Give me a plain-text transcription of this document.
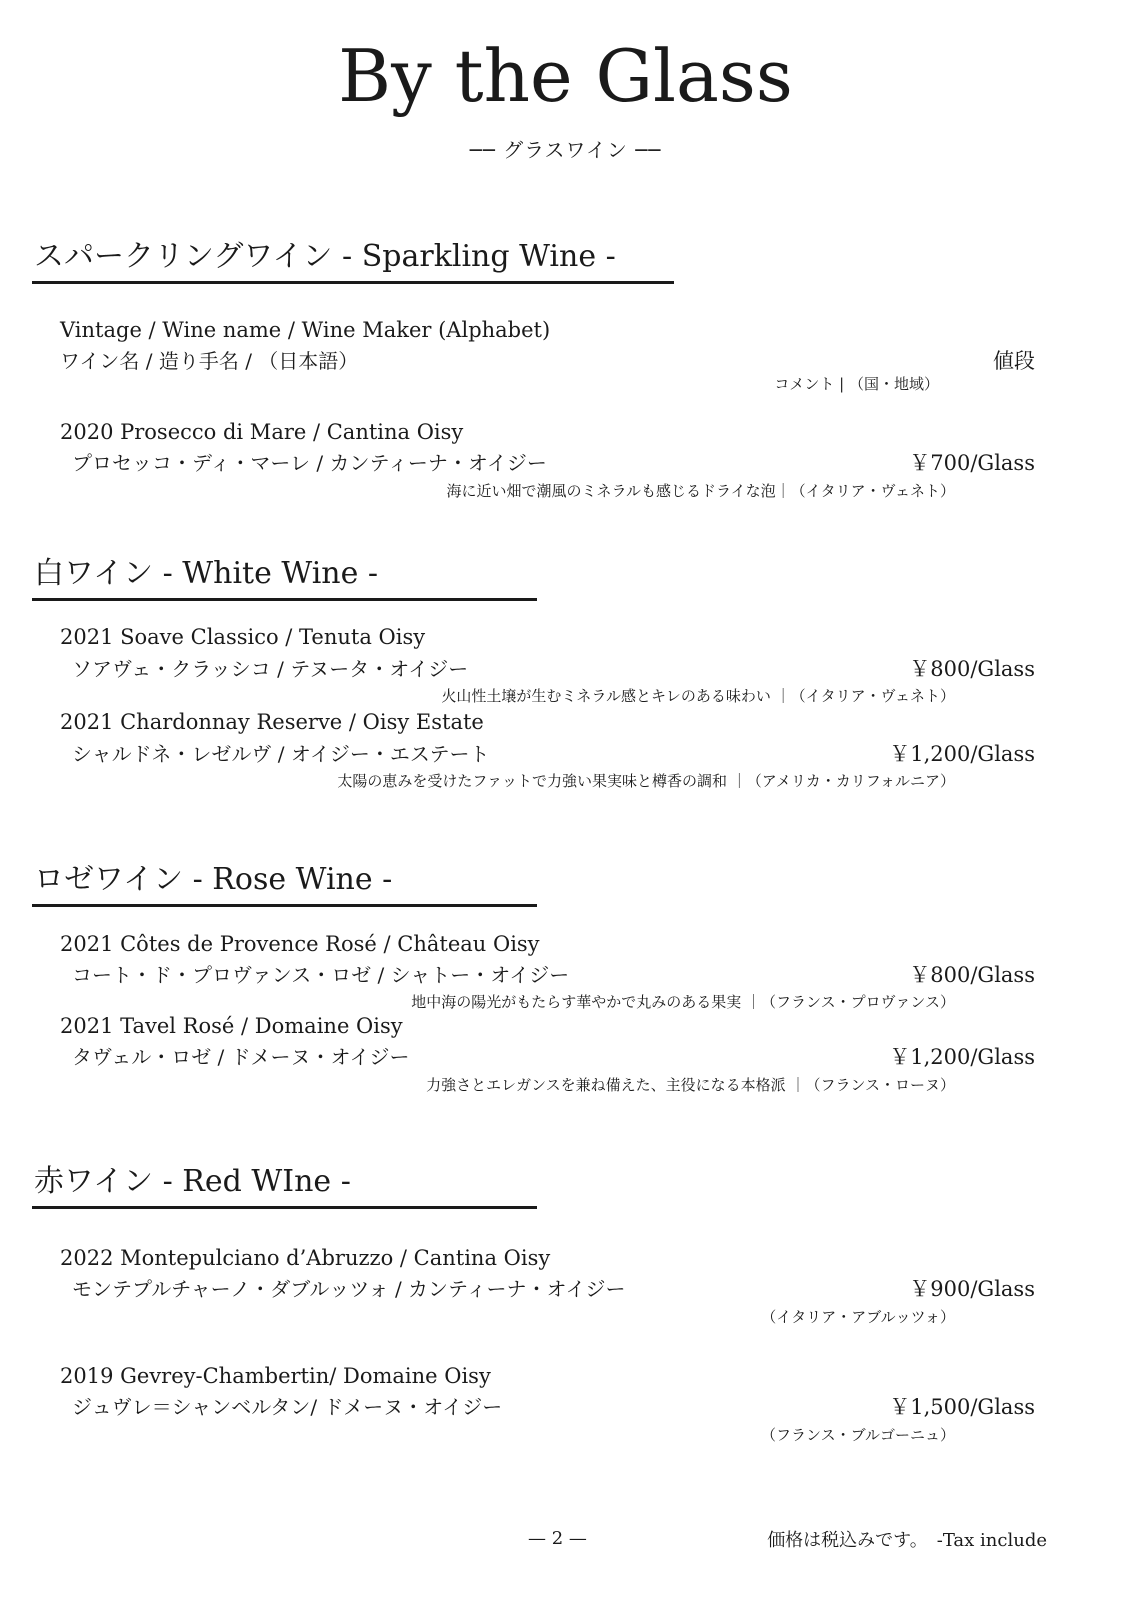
By the Glass
── グラスワイン ──
スパークリングワイン - Sparkling Wine -
Vintage / Wine name / Wine Maker (Alphabet)
ワイン名 / 造り手名 / （日本語）	値段
コメント | （国・地域）
2020 Prosecco di Mare / Cantina Oisy
プロセッコ・ディ・マーレ / カンティーナ・オイジー	￥700/Glass
海に近い畑で潮風のミネラルも感じるドライな泡｜（イタリア・ヴェネト）
白ワイン - White Wine -
2021 Soave Classico / Tenuta Oisy
ソアヴェ・クラッシコ / テヌータ・オイジー	￥800/Glass
火山性土壌が生むミネラル感とキレのある味わい ｜（イタリア・ヴェネト）
2021 Chardonnay Reserve / Oisy Estate
シャルドネ・レゼルヴ / オイジー・エステート	￥1,200/Glass
太陽の恵みを受けたファットで力強い果実味と樽香の調和 ｜（アメリカ・カリフォルニア）
ロゼワイン - Rose Wine -
2021 Côtes de Provence Rosé / Château Oisy
コート・ド・プロヴァンス・ロゼ / シャトー・オイジー	￥800/Glass
地中海の陽光がもたらす華やかで丸みのある果実 ｜（フランス・プロヴァンス）
2021 Tavel Rosé / Domaine Oisy
タヴェル・ロゼ / ドメーヌ・オイジー	￥1,200/Glass
力強さとエレガンスを兼ね備えた、主役になる本格派 ｜（フランス・ローヌ）
赤ワイン - Red WIne -
2022 Montepulciano d’Abruzzo / Cantina Oisy
モンテプルチャーノ・ダブルッツォ / カンティーナ・オイジー	￥900/Glass
（イタリア・アブルッツォ）
2019 Gevrey-Chambertin/ Domaine Oisy
ジュヴレ＝シャンベルタン/ ドメーヌ・オイジー	￥1,500/Glass
（フランス・ブルゴーニュ）
— 2 —	価格は税込みです。　-Tax include
